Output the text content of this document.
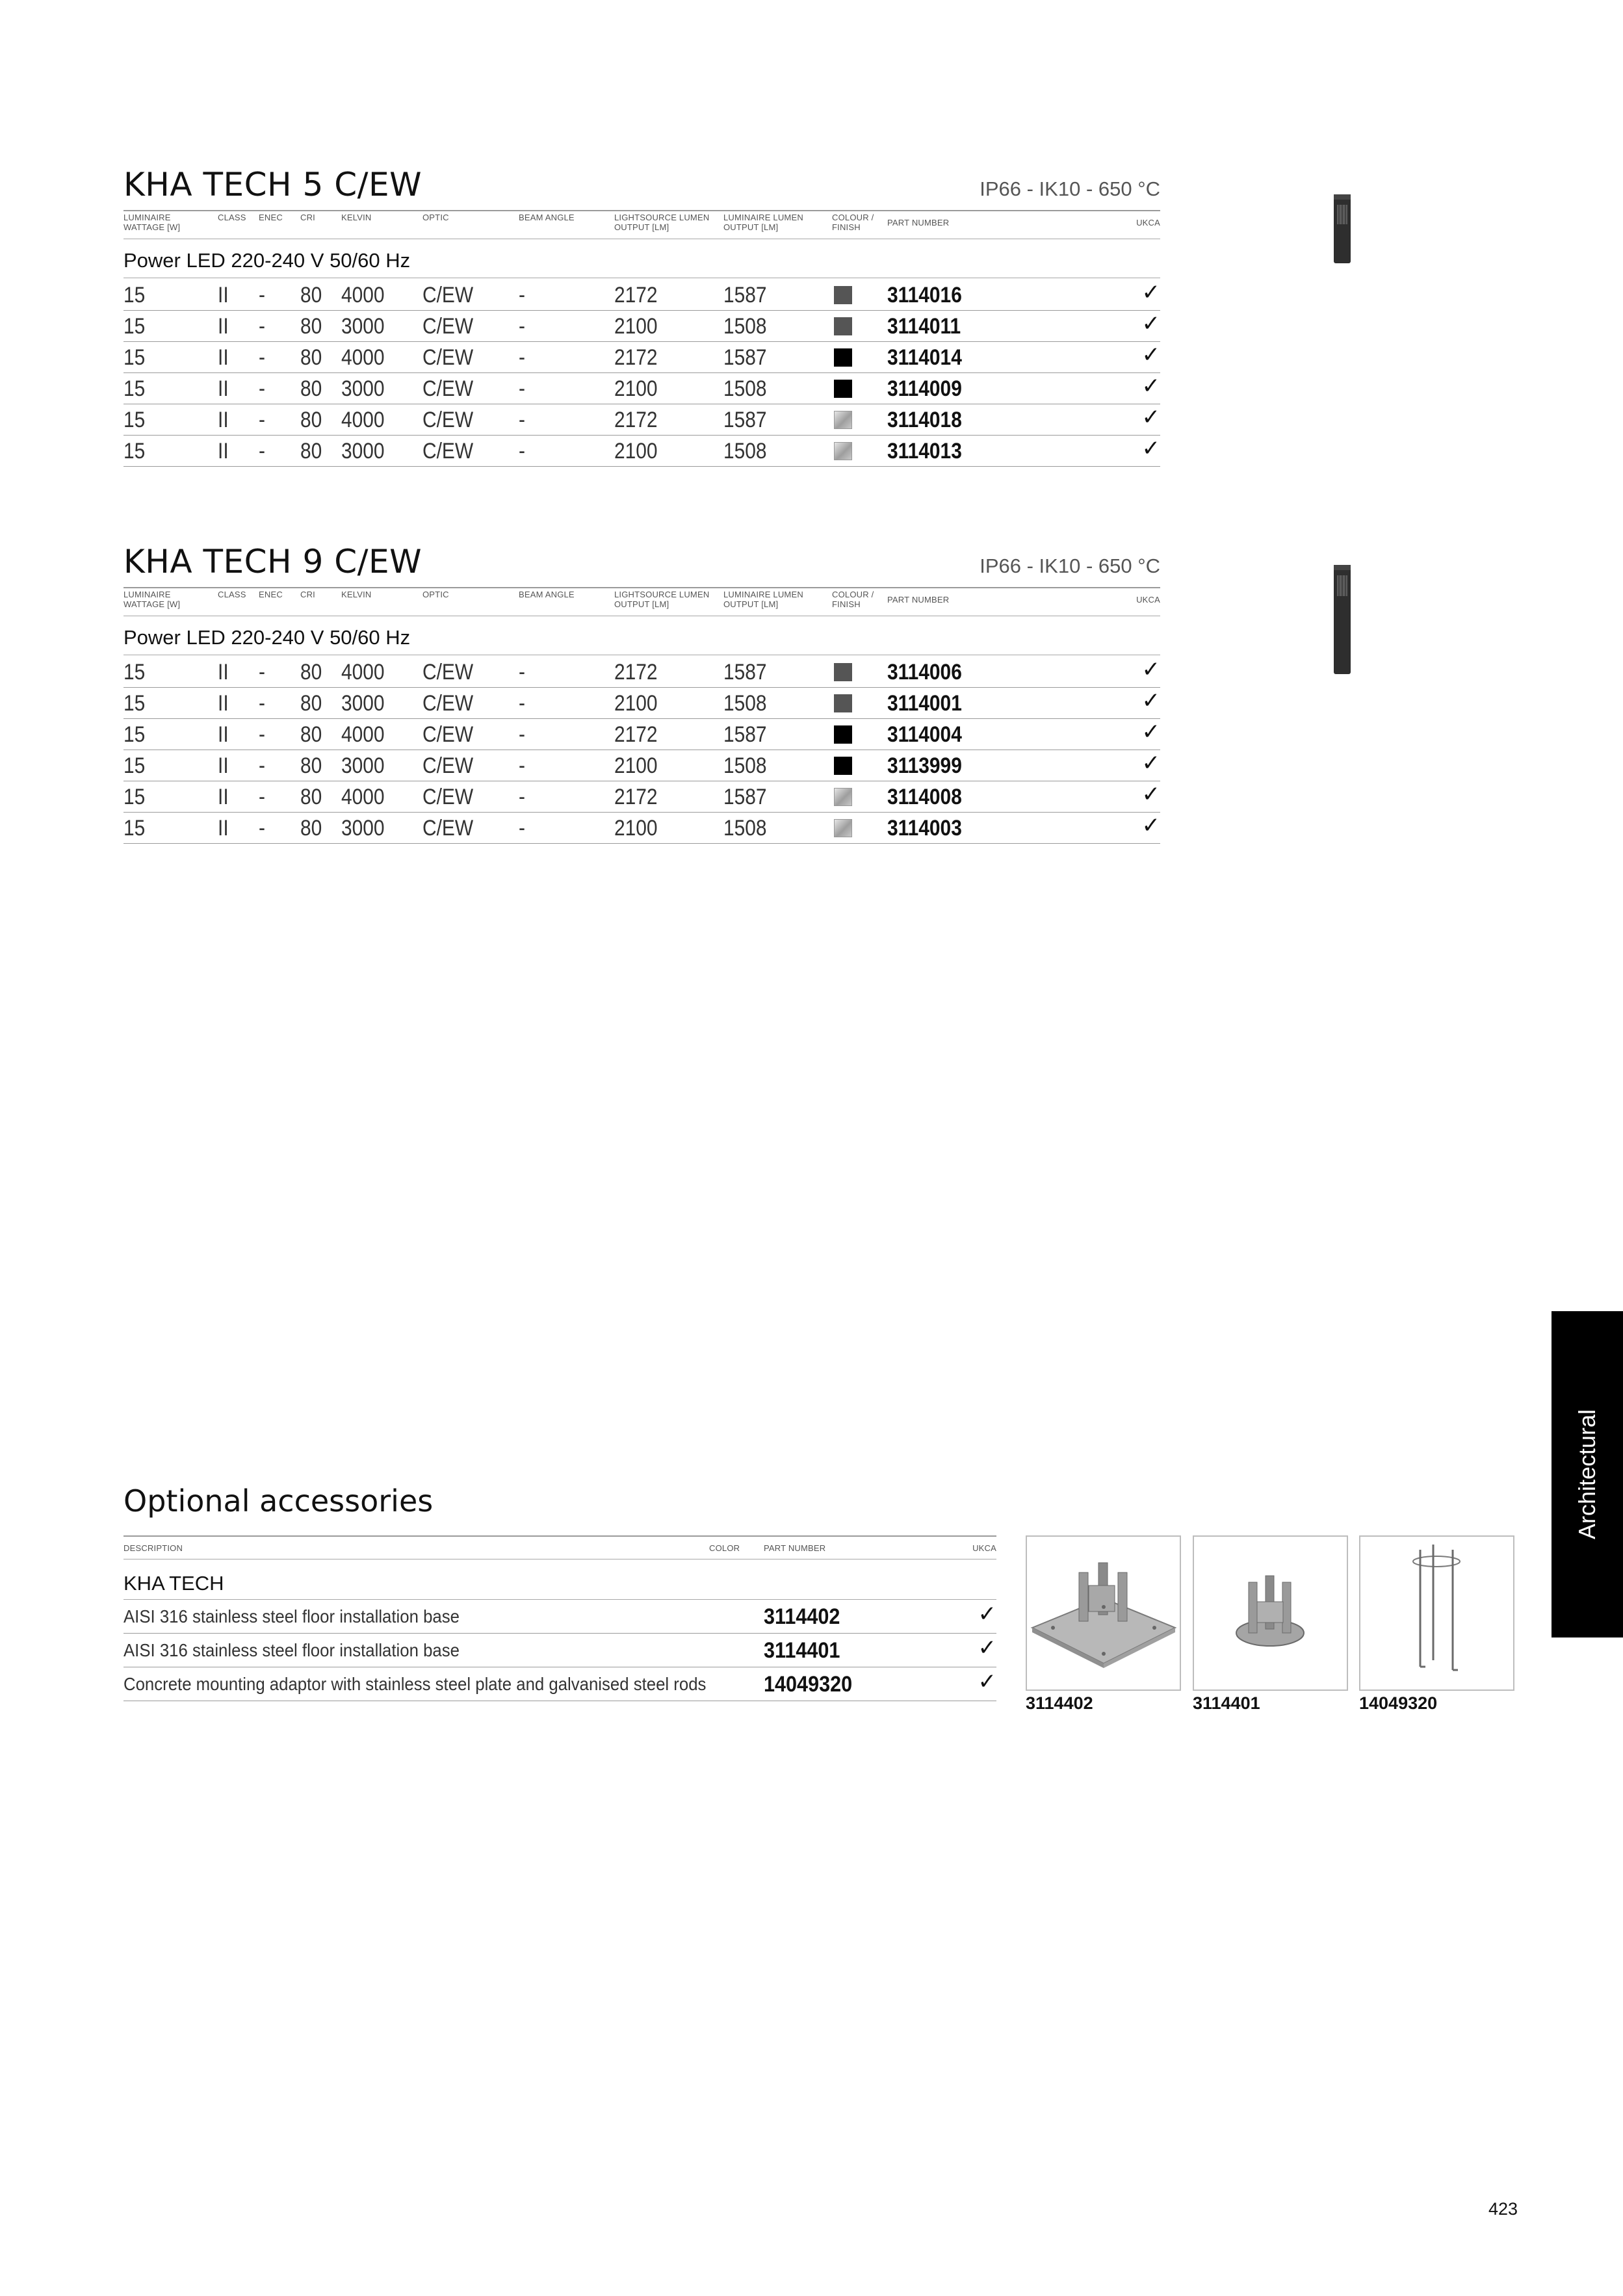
KHA TECH 5 C/EW	IP66 - IK10 - 650 °C
LUMINAIRE
WATTAGE [W]
CLASS ENEC CRI	KELVIN	OPTIC	BEAM ANGLE	LIGHTSOURCE LUMEN
OUTPUT [LM]
LUMINAIRE LUMEN
OUTPUT [LM]
COLOUR /
FINISH	PART NUMBER	UKCA
Power LED 220-240 V 50/60 Hz
15	II - 80 4000 C/EW -	2172	1587	3114016	✓
15	II - 80 3000 C/EW -	2100	1508	3114011	✓
15	II - 80 4000 C/EW -	2172	1587	3114014	✓
15	II - 80 3000 C/EW -	2100	1508	3114009	✓
15	II - 80 4000 C/EW -	2172	1587	3114018	✓
15	II - 80 3000 C/EW -	2100	1508	3114013	✓
KHA TECH 9 C/EW	IP66 - IK10 - 650 °C
LUMINAIRE
WATTAGE [W]
CLASS ENEC CRI	KELVIN	OPTIC	BEAM ANGLE	LIGHTSOURCE LUMEN
OUTPUT [LM]
LUMINAIRE LUMEN
OUTPUT [LM]
COLOUR /
FINISH	PART NUMBER	UKCA
Power LED 220-240 V 50/60 Hz
15	II - 80 4000 C/EW -	2172	1587	3114006	✓
15	II - 80 3000 C/EW -	2100	1508	3114001	✓
15	II - 80 4000 C/EW -	2172	1587	3114004	✓
15	II - 80 3000 C/EW -	2100	1508	3113999	✓
15	II - 80 4000 C/EW -	2172	1587	3114008	✓
15	II - 80 3000 C/EW -	2100	1508	3114003	✓
Architectural
Optional accessories
DESCRIPTION	COLOR	PART NUMBER	UKCA
KHA TECH
AISI 316 stainless steel floor installation base	3114402	✓
AISI 316 stainless steel floor installation base	3114401	✓
Concrete mounting adaptor with stainless steel plate and galvanised steel rods	14049320	✓
3114402	3114401	14049320
423
